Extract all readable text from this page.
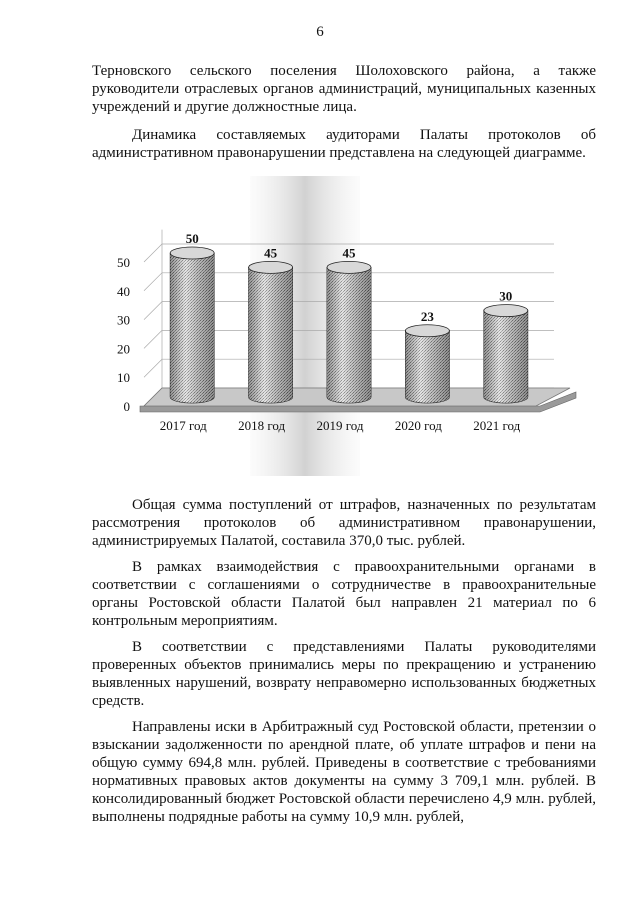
6

Терновского сельского поселения Шолоховского района, а также руководители отраслевых органов администраций, муниципальных казенных учреждений и другие должностные лица.

Динамика составляемых аудиторами Палаты протоколов об административном правонарушении представлена на следующей диаграмме.

0
10
20
30
40
50
50
45	45
23
30
2017 год 2018 год 2019 год 2020 год 2021 год

Общая сумма поступлений от штрафов, назначенных по результатам рассмотрения протоколов об административном правонарушении, администрируемых Палатой, составила 370,0 тыс. рублей.

В рамках взаимодействия с правоохранительными органами в соответствии с соглашениями о сотрудничестве в правоохранительные органы Ростовской области Палатой был направлен 21 материал по 6 контрольным мероприятиям.

В соответствии с представлениями Палаты руководителями проверенных объектов принимались меры по прекращению и устранению выявленных нарушений, возврату неправомерно использованных бюджетных средств.

Направлены иски в Арбитражный суд Ростовской области, претензии о взыскании задолженности по арендной плате, об уплате штрафов и пени на общую сумму 694,8 млн. рублей. Приведены в соответствие с требованиями нормативных правовых актов документы на сумму 3 709,1 млн. рублей. В консолидированный бюджет Ростовской области перечислено 4,9 млн. рублей, выполнены подрядные работы на сумму 10,9 млн. рублей,
